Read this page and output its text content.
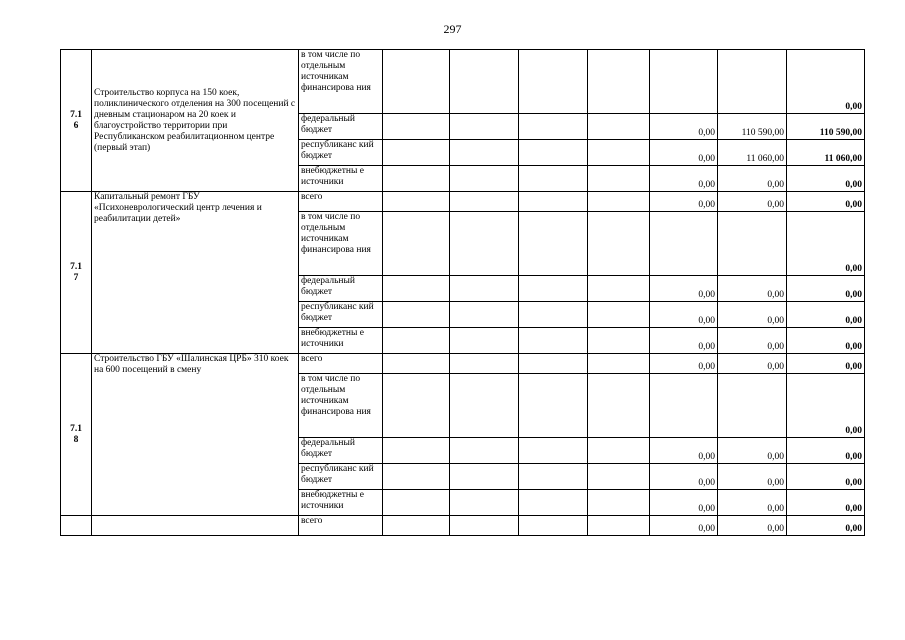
297
7.1
6	Строительство корпуса на 150 коек, поликлинического отделения на 300 посещений с дневным стационаром на 20 коек и благоустройство территории при Республиканском реабилитационном центре (первый этап)	в том числе по отдельным источникам финансирова ния							0,00
		федеральный бюджет					0,00	110 590,00	110 590,00
		республиканс кий бюджет					0,00	11 060,00	11 060,00
		внебюджетны е источники					0,00	0,00	0,00
7.1
7	Капитальный ремонт ГБУ «Психоневрологический центр лечения и реабилитации детей»	всего					0,00	0,00	0,00
		в том числе по отдельным источникам финансирова ния							0,00
		федеральный бюджет					0,00	0,00	0,00
		республиканс кий бюджет					0,00	0,00	0,00
		внебюджетны е источники					0,00	0,00	0,00
7.1
8	Строительство ГБУ «Шалинская ЦРБ» 310 коек на 600 посещений в смену	всего					0,00	0,00	0,00
		в том числе по отдельным источникам финансирова ния							0,00
		федеральный бюджет					0,00	0,00	0,00
		республиканс кий бюджет					0,00	0,00	0,00
		внебюджетны е источники					0,00	0,00	0,00
		всего					0,00	0,00	0,00
